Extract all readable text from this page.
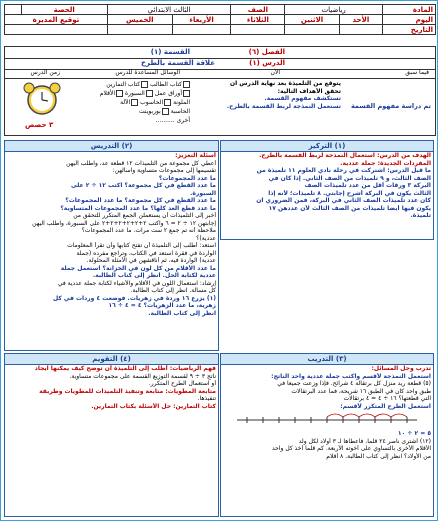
المادة	رياضيات		الصف	الثالث الابتدائي		الحصة	
اليوم	الأحد	الاثنين	الثلاثاء	الأربعاء	الخميس	توقيع المديرة	
التاريخ							
الفصل (٦)
القسمة (١)
الدرس (١)
علاقة القسمة بالطرح
فيما سبق
الآن
الوسائل المساعدة للدرس
زمن الدرس
تم دراسة مفهوم القسمة
يتوقع من التلميذة بعد نهاية الدرس ان
تحقق الأهداف التالية:
تستكشف مفهوم القسمة.
تستعمل النمذجة لربط القسمة بالطرح.
كتاب الطالب كتاب التمارين
أوراق عمل السبورة الأقلام
الملونة الحاسوب الآلة
الحاسبة بوربوينت
أخرى ..........
٣ حصص
(١) التركيز
الهدف من الدرس: استعمال النمذجة لربط القسمة بالطرح.
المفردات الجديدة: جملة عددية.
ما قبل الدرس: اشتركت في رحلة نادي العلوم ١١ تلميذة من
الصف الثالث، و ٩ تلميذات من الصف الثاني. إذا كان في
البركة ٣ ورقات أقل من عدد تلميذات الصف
الثالث يكون في البركة أشرح إجابتي. ٨ تلميذات؛ لأنه إذا
كان عدد تلميذات الصف الثاني في البركة، فمن الضروري ان
يكون فيها أيضاً تلميذات من الصف الثالث لأن عددهن ١٧
تلميذة.
(٢) التدريس
أسئلة التعزيز:
أعطي كل مجموعة من التلميذات ١٢ قطعة عد، واطلب اليهن
تقسيمها إلى مجموعات متساوية واسألهن:
ما عدد المجموعات؟
ما عدد القطع في كل مجموعة؟ اكتب ١٢ ÷ ٢ على
السبورة.
ما عدد القطع في كل مجموعة؟ ما عدد المجموعات؟
ما عدد قطع العد كلها؟ ما عدد المجموعات المتساوية؟
أخبر إلى التلميذات أن يستعملن الجمع المتكرر للتحقق من
إجابتهن ١٢ ÷ ٢ = ٦ واكتب ٢+٢+٢+٢+٢+٢ على السبورة، واطلب اليهن
ملاحظة أنه تم جمع ٢ ست مرات. ما عدد المجموعات؟
عددية)؟
استعد: أطلب إلى التلميذة أن تفتح كتابها وأن تقرأ المعلومات
الواردة في فقرة استعد في الكتاب، وتراجع مفرده (جملة
عددية) الواردة فيه، ثم أناقشهن في الأمثلة المحلولة.
ما عدد الأقلام من كل لون في الخزانة؟ استعمل جملة
عددية لكتابة الحل. انظر إلى كتاب الطالبة.
إرشاد: استعمال اللون في الأقلام والأشياء لكتابة جملة عددية في
كل مسألة. انظر إلى كتاب الطالبة.
(١) يزرع ١٦ وردة في زهريات. فوضعت ٤ وردات في كل
زهرية، ما عدد الزهريات؟ ٤ = ٤ ÷ ١٦
انظر إلى كتاب الطالبة.
(٣) التدريب
تدرب وحل المسائل:
استعمل النمذجة لأقسم واكتب جملة عددية واحد الناتج:
(٥) قطعة ريد منزل كل برتقالة ٤ شرائح. فإذا وزعت جميعا في
طبق واحد كان في الطبق ١٦ شريحة، فما عدد البرتقالات
التي قطعتها؟ ١٦ ÷ ٤ = ٤ برتقالات
استعمل الطرح المتكرر لأقسم:
٥ = ٢ ÷ ١٠
(١٢) اشترى ناصر ٢٤ قلماً. فأعطاها لـ ٣ أولاد لكل ولد
الأقلام الأخرى بالتساوي على أخوته الأربعة. كم قلماً أخذ كل واحد
من الأولاد؟ انظر إلى كتاب الطالبة. ٨ أقلام
(٤) التقويم
فهم الرياضيات: أطلب إلى التلميذة أن توضح كيف يمكنها ايجاد
ناتج ٣ ÷ ٩ لقسمة التوزيع القسمة على مجموعات متساوية.
أو استعمال الطرح المتكرر.
متابعة المطويات: متابعة وتنفيذ التلميذات للمطويات وطريقة
تنفيذها.
كتاب التمارين: حل الأسئلة بكتاب التمارين.
